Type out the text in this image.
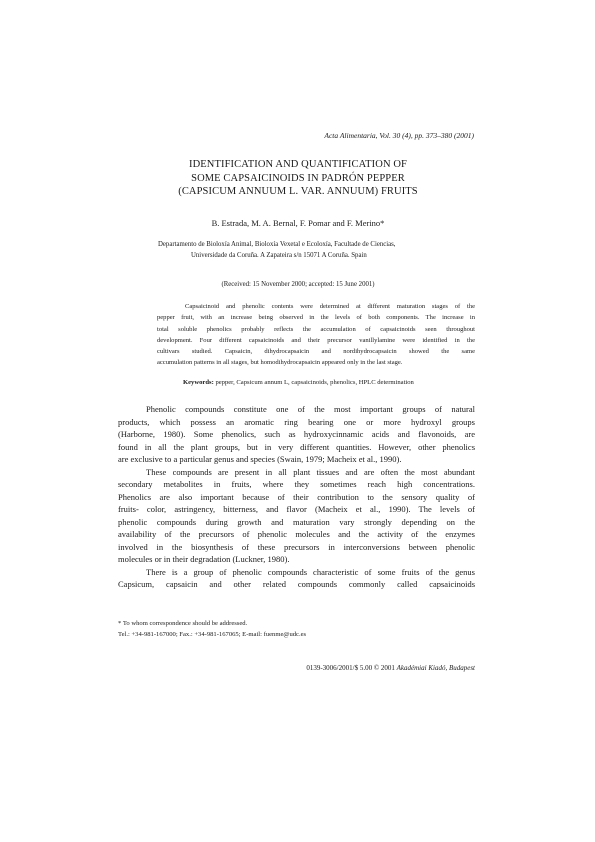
Acta Alimentaria, Vol. 30 (4), pp. 373–380 (2001)
IDENTIFICATION AND QUANTIFICATION OF
SOME CAPSAICINOIDS IN PADRÓN PEPPER
(CAPSICUM ANNUUM L. VAR. ANNUUM) FRUITS
B. Estrada, M. A. Bernal, F. Pomar and F. Merino*
Departamento de Bioloxía Animal, Bioloxía Vexetal e Ecoloxía, Facultade de Ciencias,
Universidade da Coruña. A Zapateira s/n 15071 A Coruña. Spain
(Received: 15 November 2000; accepted: 15 June 2001)
Capsaicinoid and phenolic contents were determined at different maturation stages of the
pepper fruit, with an increase being observed in the levels of both components. The increase in
total soluble phenolics probably reflects the accumulation of capsaicinoids seen throughout
development. Four different capsaicinoids and their precursor vanillylamine were identified in the
cultivars studied. Capsaicin, dihydrocapsaicin and nordihydrocapsaicin showed the same
accumulation patterns in all stages, but homodihydrocapsaicin appeared only in the last stage.
Keywords: pepper, Capsicum annum L, capsaicinoids, phenolics, HPLC determination
Phenolic compounds constitute one of the most important groups of natural
products, which possess an aromatic ring bearing one or more hydroxyl groups
(Harborne, 1980). Some phenolics, such as hydroxycinnamic acids and flavonoids, are
found in all the plant groups, but in very different quantities. However, other phenolics
are exclusive to a particular genus and species (Swain, 1979; Macheix et al., 1990).
These compounds are present in all plant tissues and are often the most abundant
secondary metabolites in fruits, where they sometimes reach high concentrations.
Phenolics are also important because of their contribution to the sensory quality of
fruits- color, astringency, bitterness, and flavor (Macheix et al., 1990). The levels of
phenolic compounds during growth and maturation vary strongly depending on the
availability of the precursors of phenolic molecules and the activity of the enzymes
involved in the biosynthesis of these precursors in interconversions between phenolic
molecules or in their degradation (Luckner, 1980).
There is a group of phenolic compounds characteristic of some fruits of the genus
Capsicum, capsaicin and other related compounds commonly called capsaicinoids
* To whom correspondence should be addressed.
Tel.: +34-981-167000; Fax.: +34-981-167065; E-mail: fuenme@udc.es
0139-3006/2001/$ 5.00 © 2001 Akadémiai Kiadó, Budapest
